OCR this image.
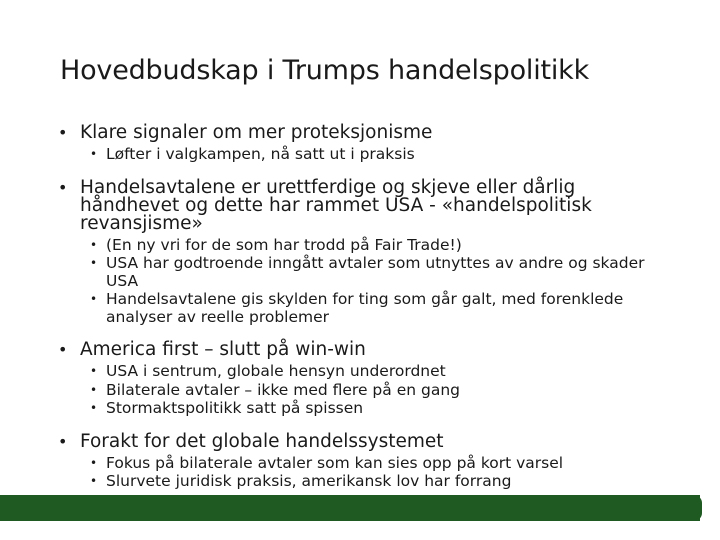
Hovedbudskap i Trumps handelspolitikk
• Klare signaler om mer proteksjonisme
• Løfter i valgkampen, nå satt ut i praksis
• Handelsavtalene er urettferdige og skjeve eller dårlig håndhevet og dette har rammet USA - «handelspolitisk revansjisme»
• (En ny vri for de som har trodd på Fair Trade!)
• USA har godtroende inngått avtaler som utnyttes av andre og skader USA
• Handelsavtalene gis skylden for ting som går galt, med forenklede analyser av reelle problemer
• America first – slutt på win-win
• USA i sentrum, globale hensyn underordnet
• Bilaterale avtaler – ikke med flere på en gang
• Stormaktspolitikk satt på spissen
• Forakt for det globale handelssystemet
• Fokus på bilaterale avtaler som kan sies opp på kort varsel
• Slurvete juridisk praksis, amerikansk lov har forrang
